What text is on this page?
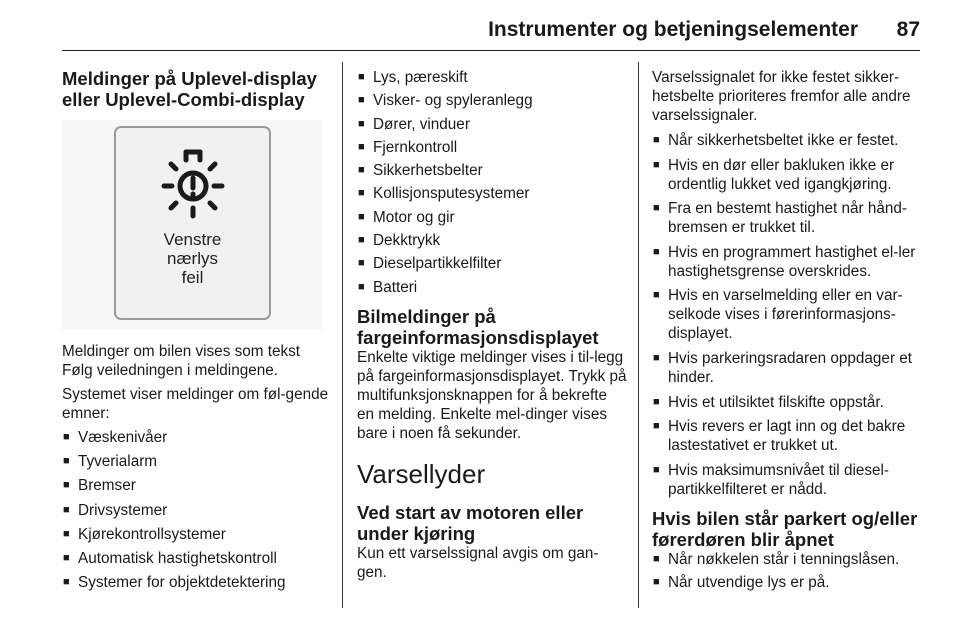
Instrumenter og betjeningselementer 87
Meldinger på Uplevel-display eller Uplevel-Combi-display
Venstre
nærlys
feil

Meldinger om bilen vises som tekst Følg veiledningen i meldingene.

Systemet viser meldinger om føl-gende emner:

■ Væskenivåer
■ Tyverialarm
■ Bremser
■ Drivsystemer
■ Kjørekontrollsystemer
■ Automatisk hastighetskontroll
■ Systemer for objektdetektering
■ Lys, pæreskift
■ Visker- og spyleranlegg
■ Dører, vinduer
■ Fjernkontroll
■ Sikkerhetsbelter
■ Kollisjonsputesystemer
■ Motor og gir
■ Dekktrykk
■ Dieselpartikkelfilter
■ Batteri
Bilmeldinger på fargeinformasjonsdisplayet

Enkelte viktige meldinger vises i til-legg på fargeinformasjonsdisplayet. Trykk på multifunksjonsknappen for å bekrefte en melding. Enkelte mel-dinger vises bare i noen få sekunder.

Varsellyder
Ved start av motoren eller under kjøring

Kun ett varselssignal avgis om gan-gen.

Varselssignalet for ikke festet sikker-hetsbelte prioriteres fremfor alle andre varselssignaler.

■ Når sikkerhetsbeltet ikke er festet.
■ Hvis en dør eller bakluken ikke er ordentlig lukket ved igangkjøring.
■ Fra en bestemt hastighet når hånd-bremsen er trukket til.
■ Hvis en programmert hastighet el-ler hastighetsgrense overskrides.
■ Hvis en varselmelding eller en var-selkode vises i førerinformasjons-displayet.
■ Hvis parkeringsradaren oppdager et hinder.
■ Hvis et utilsiktet filskifte oppstår.
■ Hvis revers er lagt inn og det bakre lastestativet er trukket ut.
■ Hvis maksimumsnivået til diesel-partikkelfilteret er nådd.
Hvis bilen står parkert og/eller førerdøren blir åpnet
■ Når nøkkelen står i tenningslåsen.
■ Når utvendige lys er på.
